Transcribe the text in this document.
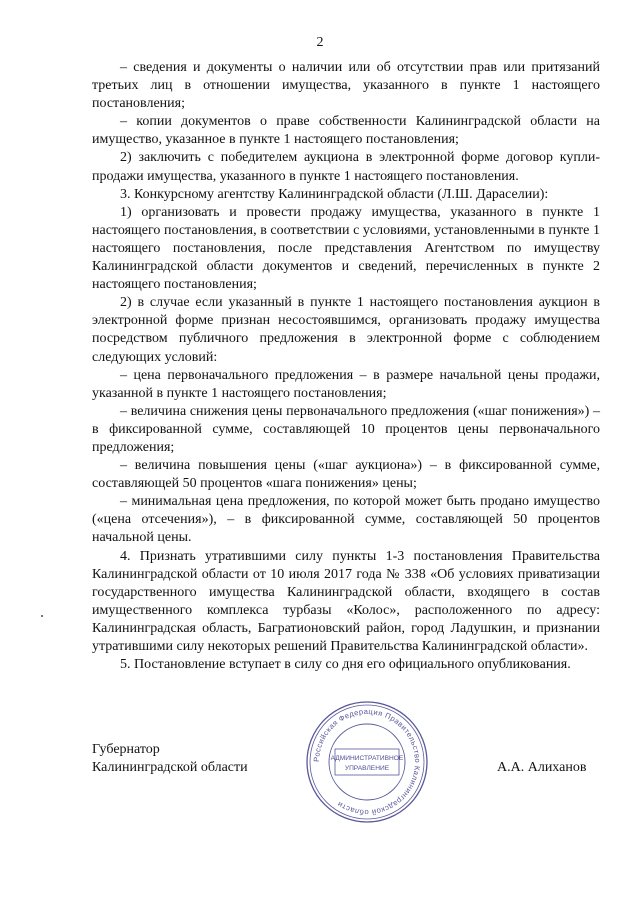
2

– сведения и документы о наличии или об отсутствии прав или притязаний третьих лиц в отношении имущества, указанного в пункте 1 настоящего постановления;

– копии документов о праве собственности Калининградской области на имущество, указанное в пункте 1 настоящего постановления;

2) заключить с победителем аукциона в электронной форме договор купли-продажи имущества, указанного в пункте 1 настоящего постановления.

3. Конкурсному агентству Калининградской области (Л.Ш. Дараселии):

1) организовать и провести продажу имущества, указанного в пункте 1 настоящего постановления, в соответствии с условиями, установленными в пункте 1 настоящего постановления, после представления Агентством по имуществу Калининградской области документов и сведений, перечисленных в пункте 2 настоящего постановления;

2) в случае если указанный в пункте 1 настоящего постановления аукцион в электронной форме признан несостоявшимся, организовать продажу имущества посредством публичного предложения в электронной форме с соблюдением следующих условий:

– цена первоначального предложения – в размере начальной цены продажи, указанной в пункте 1 настоящего постановления;

– величина снижения цены первоначального предложения («шаг понижения») – в фиксированной сумме, составляющей 10 процентов цены первоначального предложения;

– величина повышения цены («шаг аукциона») – в фиксированной сумме, составляющей 50 процентов «шага понижения» цены;

– минимальная цена предложения, по которой может быть продано имущество («цена отсечения»), – в фиксированной сумме, составляющей 50 процентов начальной цены.

4. Признать утратившими силу пункты 1-3 постановления Правительства Калининградской области от 10 июля 2017 года № 338 «Об условиях приватизации государственного имущества Калининградской области, входящего в состав имущественного комплекса турбазы «Колос», расположенного по адресу: Калининградская область, Багратионовский район, город Ладушкин, и признании утратившими силу некоторых решений Правительства Калининградской области».

5. Постановление вступает в силу со дня его официального опубликования.

Губернатор
Калининградской области	А.А. Алиханов
Российская Федерация Правительство Калининградской области
АДМИНИСТРАТИВНОЕ
УПРАВЛЕНИЕ
